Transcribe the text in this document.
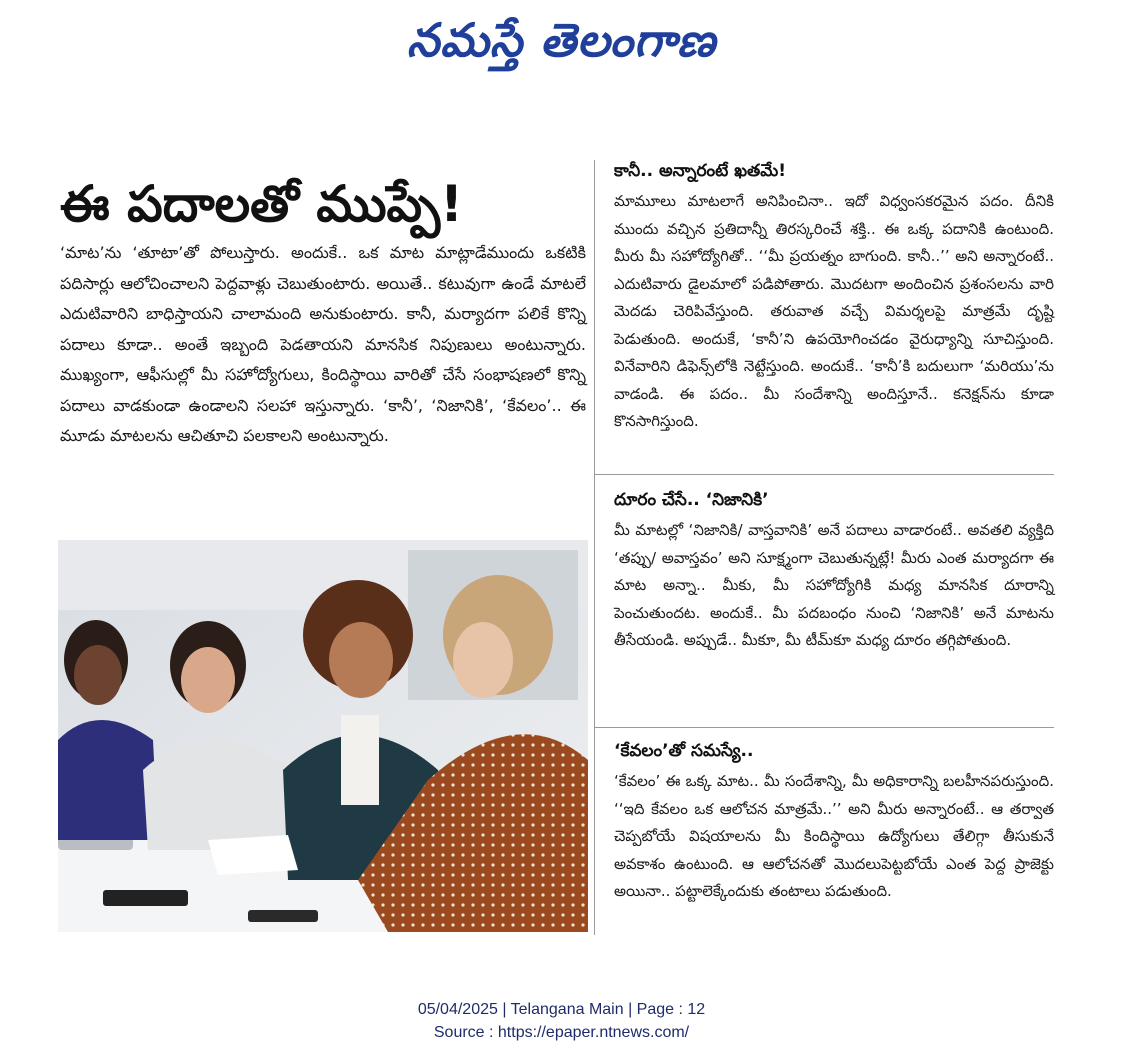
నమస్తే తెలంగాణ
ఈ పదాలతో ముప్పే!

‘మాట’ను ‘తూటా’తో పోలుస్తారు. అందుకే.. ఒక మాట మాట్లాడేముందు ఒకటికి పదిసార్లు ఆలోచించాలని పెద్దవాళ్లు చెబుతుంటారు. అయితే.. కటువుగా ఉండే మాటలే ఎదుటివారిని బాధిస్తాయని చాలామంది అనుకుంటారు. కానీ, మర్యాదగా పలికే కొన్ని పదాలు కూడా.. అంతే ఇబ్బంది పెడతాయని మానసిక నిపుణులు అంటున్నారు. ముఖ్యంగా, ఆఫీసుల్లో మీ సహోద్యోగులు, కిందిస్థాయి వారితో చేసే సంభాషణలో కొన్ని పదాలు వాడకుండా ఉండాలని సలహా ఇస్తున్నారు. ‘కానీ’, ‘నిజానికి’, ‘కేవలం’.. ఈ మూడు మాటలను ఆచితూచి పలకాలని అంటున్నారు.

కానీ.. అన్నారంటే ఖతమే!

మామూలు మాటలాగే అనిపించినా.. ఇదో విధ్వంసకరమైన పదం. దీనికి ముందు వచ్చిన ప్రతిదాన్నీ తిరస్కరించే శక్తి.. ఈ ఒక్క పదానికి ఉంటుంది. మీరు మీ సహోద్యోగితో.. ‘‘మీ ప్రయత్నం బాగుంది. కానీ..’’ అని అన్నారంటే.. ఎదుటివారు డైలమాలో పడిపోతారు. మొదటగా అందించిన ప్రశంసలను వారి మెదడు చెరిపివేస్తుంది. తరువాత వచ్చే విమర్శలపై మాత్రమే దృష్టి పెడుతుంది. అందుకే, ‘కానీ’ని ఉపయోగించడం వైరుధ్యాన్ని సూచిస్తుంది. వినేవారిని డిఫెన్స్‌లోకి నెట్టేస్తుంది. అందుకే.. ‘కానీ’కి బదులుగా ‘మరియు’ను వాడండి. ఈ పదం.. మీ సందేశాన్ని అందిస్తూనే.. కనెక్షన్‌ను కూడా కొనసాగిస్తుంది.

దూరం చేసే.. ‘నిజానికి’

మీ మాటల్లో ‘నిజానికి/ వాస్తవానికి’ అనే పదాలు వాడారంటే.. అవతలి వ్యక్తిది ‘తప్పు/ అవాస్తవం’ అని సూక్ష్మంగా చెబుతున్నట్లే! మీరు ఎంత మర్యాదగా ఈ మాట అన్నా.. మీకు, మీ సహోద్యోగికి మధ్య మానసిక దూరాన్ని పెంచుతుందట. అందుకే.. మీ పదబంధం నుంచి ‘నిజానికి’ అనే మాటను తీసేయండి. అప్పుడే.. మీకూ, మీ టీమ్‌కూ మధ్య దూరం తగ్గిపోతుంది.

‘కేవలం’తో సమస్యే..

‘కేవలం’ ఈ ఒక్క మాట.. మీ సందేశాన్ని, మీ అధికారాన్ని బలహీనపరుస్తుంది. ‘‘ఇది కేవలం ఒక ఆలోచన మాత్రమే..’’ అని మీరు అన్నారంటే.. ఆ తర్వాత చెప్పబోయే విషయాలను మీ కిందిస్థాయి ఉద్యోగులు తేలిగ్గా తీసుకునే అవకాశం ఉంటుంది. ఆ ఆలోచనతో మొదలుపెట్టబోయే ఎంత పెద్ద ప్రాజెక్టు అయినా.. పట్టాలెక్కేందుకు తంటాలు పడుతుంది.

05/04/2025 | Telangana Main | Page : 12
Source : https://epaper.ntnews.com/
